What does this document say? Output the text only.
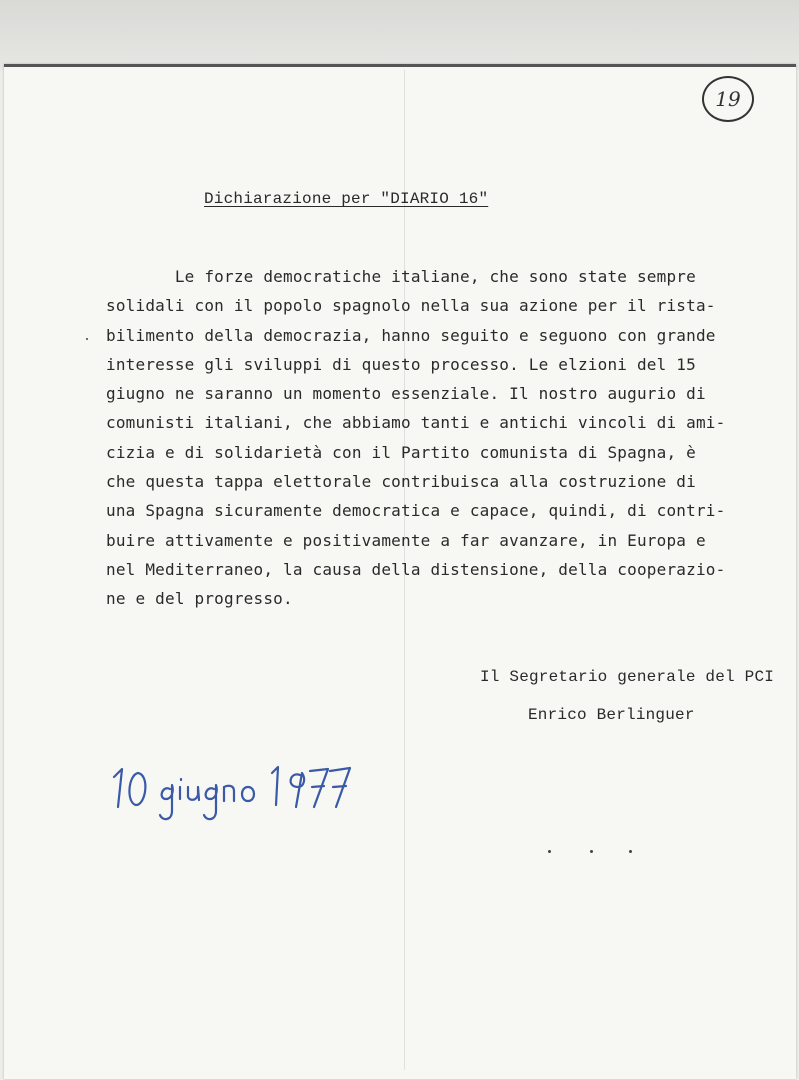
19
Dichiarazione per "DIARIO 16"
Le forze democratiche italiane, che sono state sempre
solidali con il popolo spagnolo nella sua azione per il rista-
bilimento della democrazia, hanno seguito e seguono con grande
interesse gli sviluppi di questo processo. Le elzioni del 15
giugno ne saranno un momento essenziale. Il nostro augurio di
comunisti italiani, che abbiamo tanti e antichi vincoli di ami-
cizia e di solidarietà con il Partito comunista di Spagna, è
che questa tappa elettorale contribuisca alla costruzione di
una Spagna sicuramente democratica e capace, quindi, di contri-
buire attivamente e positivamente a far avanzare, in Europa e
nel Mediterraneo, la causa della distensione, della cooperazio-
ne e del progresso.
Il Segretario generale del PCI
Enrico Berlinguer
